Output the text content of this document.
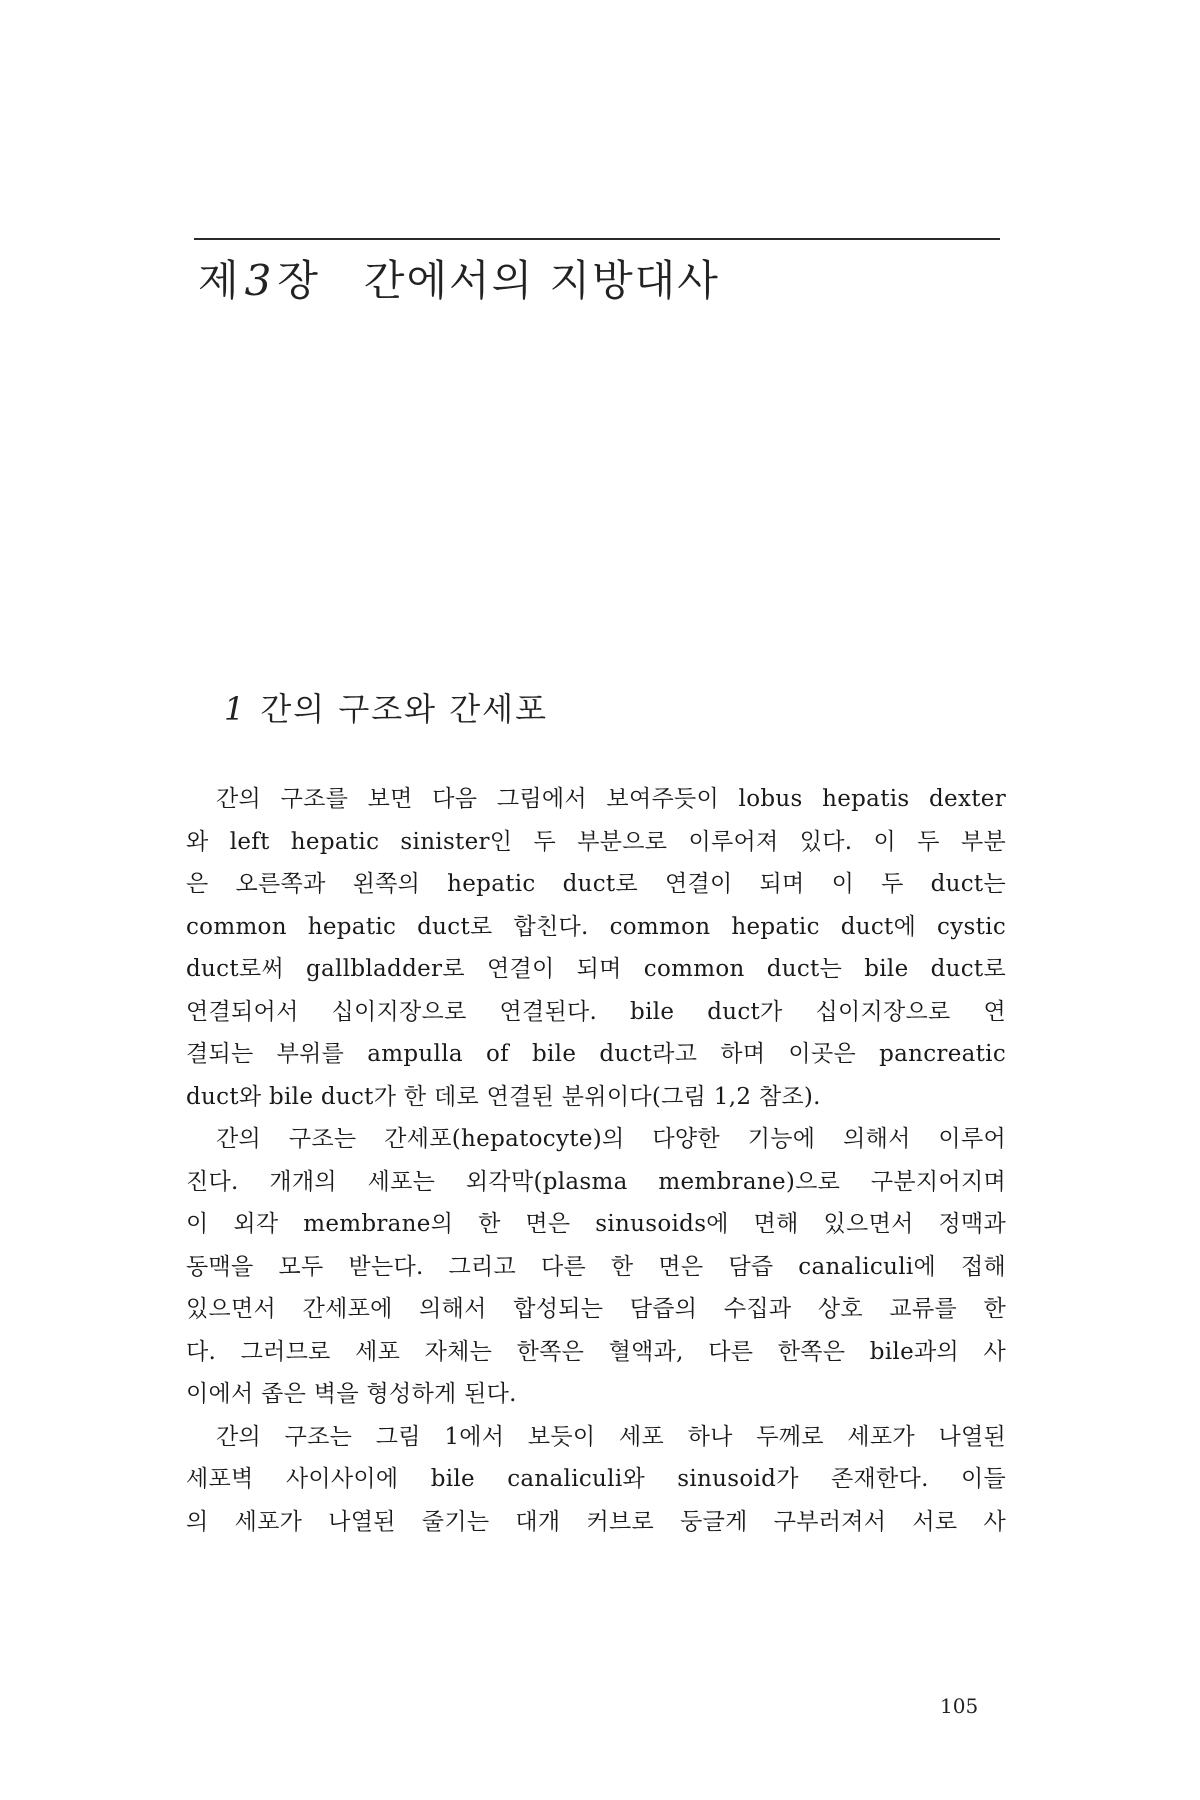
제3장 간에서의 지방대사
1 간의 구조와 간세포
간의 구조를 보면 다음 그림에서 보여주듯이 lobus hepatis dexter
와 left hepatic sinister인 두 부분으로 이루어져 있다. 이 두 부분
은 오른쪽과 왼쪽의 hepatic duct로 연결이 되며 이 두 duct는
common hepatic duct로 합친다. common hepatic duct에 cystic
duct로써 gallbladder로 연결이 되며 common duct는 bile duct로
연결되어서 십이지장으로 연결된다. bile duct가 십이지장으로 연
결되는 부위를 ampulla of bile duct라고 하며 이곳은 pancreatic
duct와 bile duct가 한 데로 연결된 분위이다(그림 1,2 참조).
간의 구조는 간세포(hepatocyte)의 다양한 기능에 의해서 이루어
진다. 개개의 세포는 외각막(plasma membrane)으로 구분지어지며
이 외각 membrane의 한 면은 sinusoids에 면해 있으면서 정맥과
동맥을 모두 받는다. 그리고 다른 한 면은 담즙 canaliculi에 접해
있으면서 간세포에 의해서 합성되는 담즙의 수집과 상호 교류를 한
다. 그러므로 세포 자체는 한쪽은 혈액과, 다른 한쪽은 bile과의 사
이에서 좁은 벽을 형성하게 된다.
간의 구조는 그림 1에서 보듯이 세포 하나 두께로 세포가 나열된
세포벽 사이사이에 bile canaliculi와 sinusoid가 존재한다. 이들
의 세포가 나열된 줄기는 대개 커브로 둥글게 구부러져서 서로 사
105
